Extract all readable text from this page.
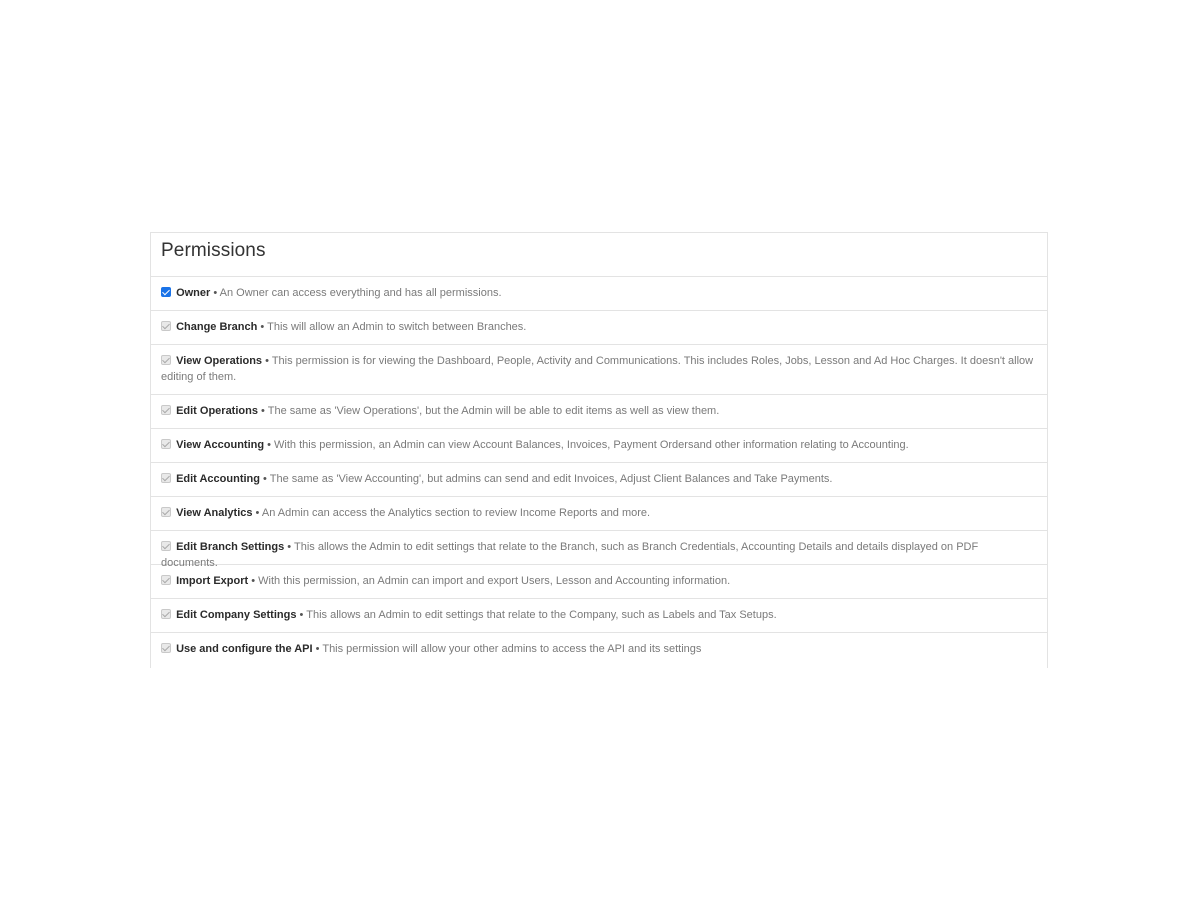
Permissions
Owner • An Owner can access everything and has all permissions.
Change Branch • This will allow an Admin to switch between Branches.
View Operations • This permission is for viewing the Dashboard, People, Activity and Communications. This includes Roles, Jobs, Lesson and Ad Hoc Charges. It doesn't allow editing of them.
Edit Operations • The same as 'View Operations', but the Admin will be able to edit items as well as view them.
View Accounting • With this permission, an Admin can view Account Balances, Invoices, Payment Ordersand other information relating to Accounting.
Edit Accounting • The same as 'View Accounting', but admins can send and edit Invoices, Adjust Client Balances and Take Payments.
View Analytics • An Admin can access the Analytics section to review Income Reports and more.
Edit Branch Settings • This allows the Admin to edit settings that relate to the Branch, such as Branch Credentials, Accounting Details and details displayed on PDF documents.
Import Export • With this permission, an Admin can import and export Users, Lesson and Accounting information.
Edit Company Settings • This allows an Admin to edit settings that relate to the Company, such as Labels and Tax Setups.
Use and configure the API • This permission will allow your other admins to access the API and its settings
